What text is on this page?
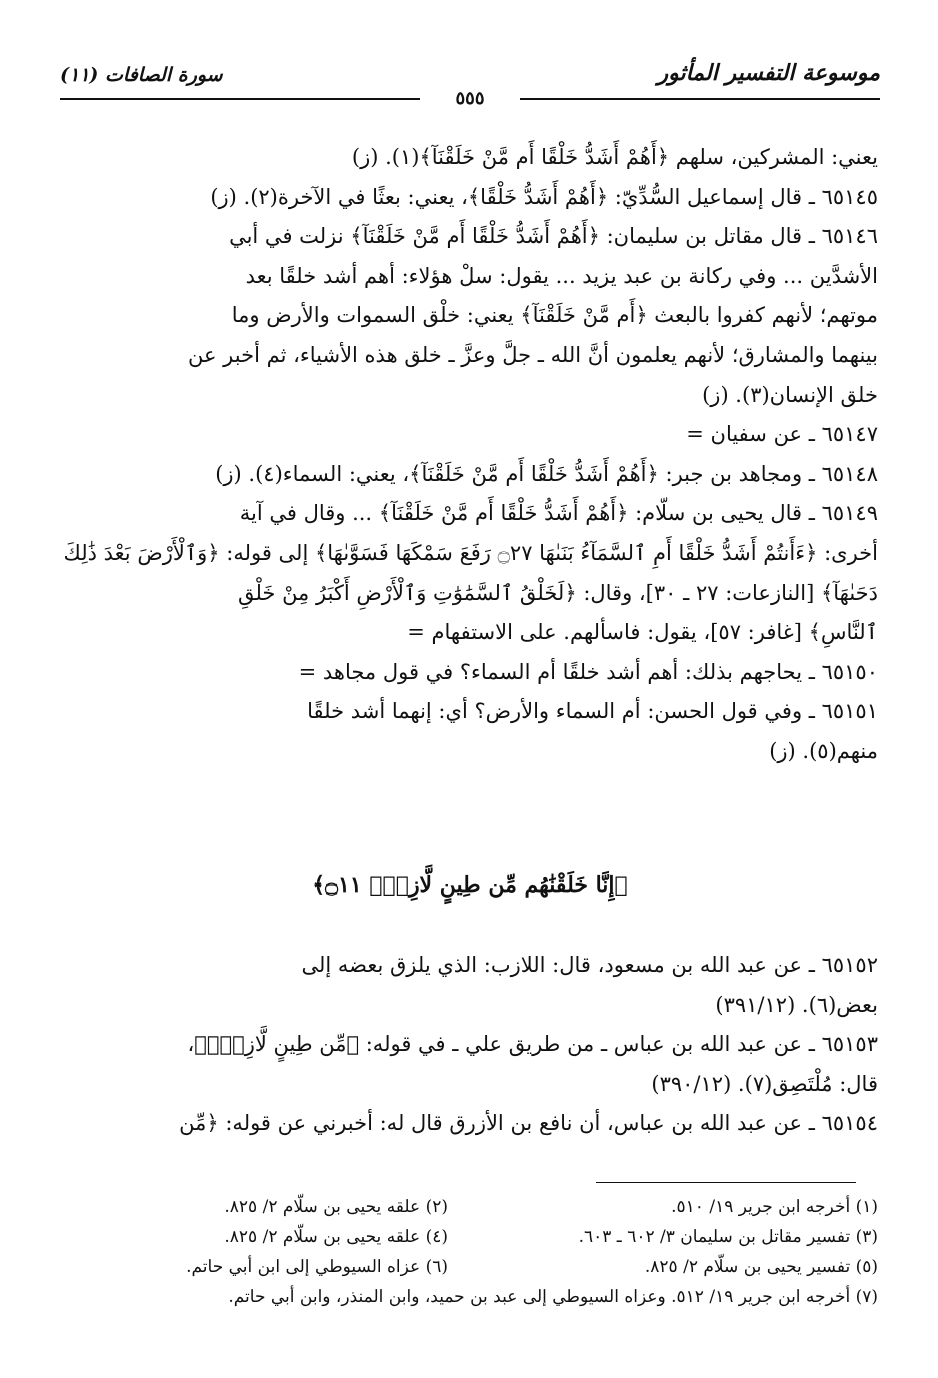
موسوعة التفسير المأثور
سورة الصافات (١١)
٥٥٥
يعني: المشركين، سلهم ﴿أَهُمْ أَشَدُّ خَلْقًا أَم مَّنْ خَلَقْنَآ﴾(١). (ز)
٦٥١٤٥ ـ قال إسماعيل السُّدِّيّ: ﴿أَهُمْ أَشَدُّ خَلْقًا﴾، يعني: بعثًا في الآخرة(٢). (ز)
٦٥١٤٦ ـ قال مقاتل بن سليمان: ﴿أَهُمْ أَشَدُّ خَلْقًا أَم مَّنْ خَلَقْنَآ﴾ نزلت في أبي
الأشدَّين ... وفي ركانة بن عبد يزيد ... يقول: سلْ هؤلاء: أهم أشد خلقًا بعد
موتهم؛ لأنهم كفروا بالبعث ﴿أَم مَّنْ خَلَقْنَآ﴾ يعني: خلْق السموات والأرض وما
بينهما والمشارق؛ لأنهم يعلمون أنَّ الله ـ جلَّ وعزَّ ـ خلق هذه الأشياء، ثم أخبر عن
خلق الإنسان(٣). (ز)
٦٥١٤٧ ـ عن سفيان =
٦٥١٤٨ ـ ومجاهد بن جبر: ﴿أَهُمْ أَشَدُّ خَلْقًا أَم مَّنْ خَلَقْنَآ﴾، يعني: السماء(٤). (ز)
٦٥١٤٩ ـ قال يحيى بن سلّام: ﴿أَهُمْ أَشَدُّ خَلْقًا أَم مَّنْ خَلَقْنَآ﴾ ... وقال في آية
أخرى: ﴿ءَأَنتُمْ أَشَدُّ خَلْقًا أَمِ ٱلسَّمَآءُ بَنَىٰهَا ۝٢٧ رَفَعَ سَمْكَهَا فَسَوَّىٰهَا﴾ إلى قوله: ﴿وَٱلْأَرْضَ بَعْدَ ذَٰلِكَ
دَحَىٰهَآ﴾ [النازعات: ٢٧ ـ ٣٠]، وقال: ﴿لَخَلْقُ ٱلسَّمَٰوَٰتِ وَٱلْأَرْضِ أَكْبَرُ مِنْ خَلْقِ
ٱلنَّاسِ﴾ [غافر: ٥٧]، يقول: فاسألهم. على الاستفهام =
٦٥١٥٠ ـ يحاجهم بذلك: أهم أشد خلقًا أم السماء؟ في قول مجاهد =
٦٥١٥١ ـ وفي قول الحسن: أم السماء والأرض؟ أي: إنهما أشد خلقًا
منهم(٥). (ز)
﴿إِنَّا خَلَقْنَٰهُم مِّن طِينٍ لَّازِبٍۭ ۝١١﴾
٦٥١٥٢ ـ عن عبد الله بن مسعود، قال: اللازب: الذي يلزق بعضه إلى
بعض(٦). (٣٩١/١٢)
٦٥١٥٣ ـ عن عبد الله بن عباس ـ من طريق علي ـ في قوله: ﴿مِّن طِينٍ لَّازِبٍۭ﴾،
قال: مُلْتَصِق(٧). (٣٩٠/١٢)
٦٥١٥٤ ـ عن عبد الله بن عباس، أن نافع بن الأزرق قال له: أخبرني عن قوله: ﴿مِّن
(١) أخرجه ابن جرير ١٩/ ٥١٠.
(٢) علقه يحيى بن سلّام ٢/ ٨٢٥.
(٣) تفسير مقاتل بن سليمان ٣/ ٦٠٢ ـ ٦٠٣.
(٤) علقه يحيى بن سلّام ٢/ ٨٢٥.
(٥) تفسير يحيى بن سلّام ٢/ ٨٢٥.
(٦) عزاه السيوطي إلى ابن أبي حاتم.
(٧) أخرجه ابن جرير ١٩/ ٥١٢. وعزاه السيوطي إلى عبد بن حميد، وابن المنذر، وابن أبي حاتم.
